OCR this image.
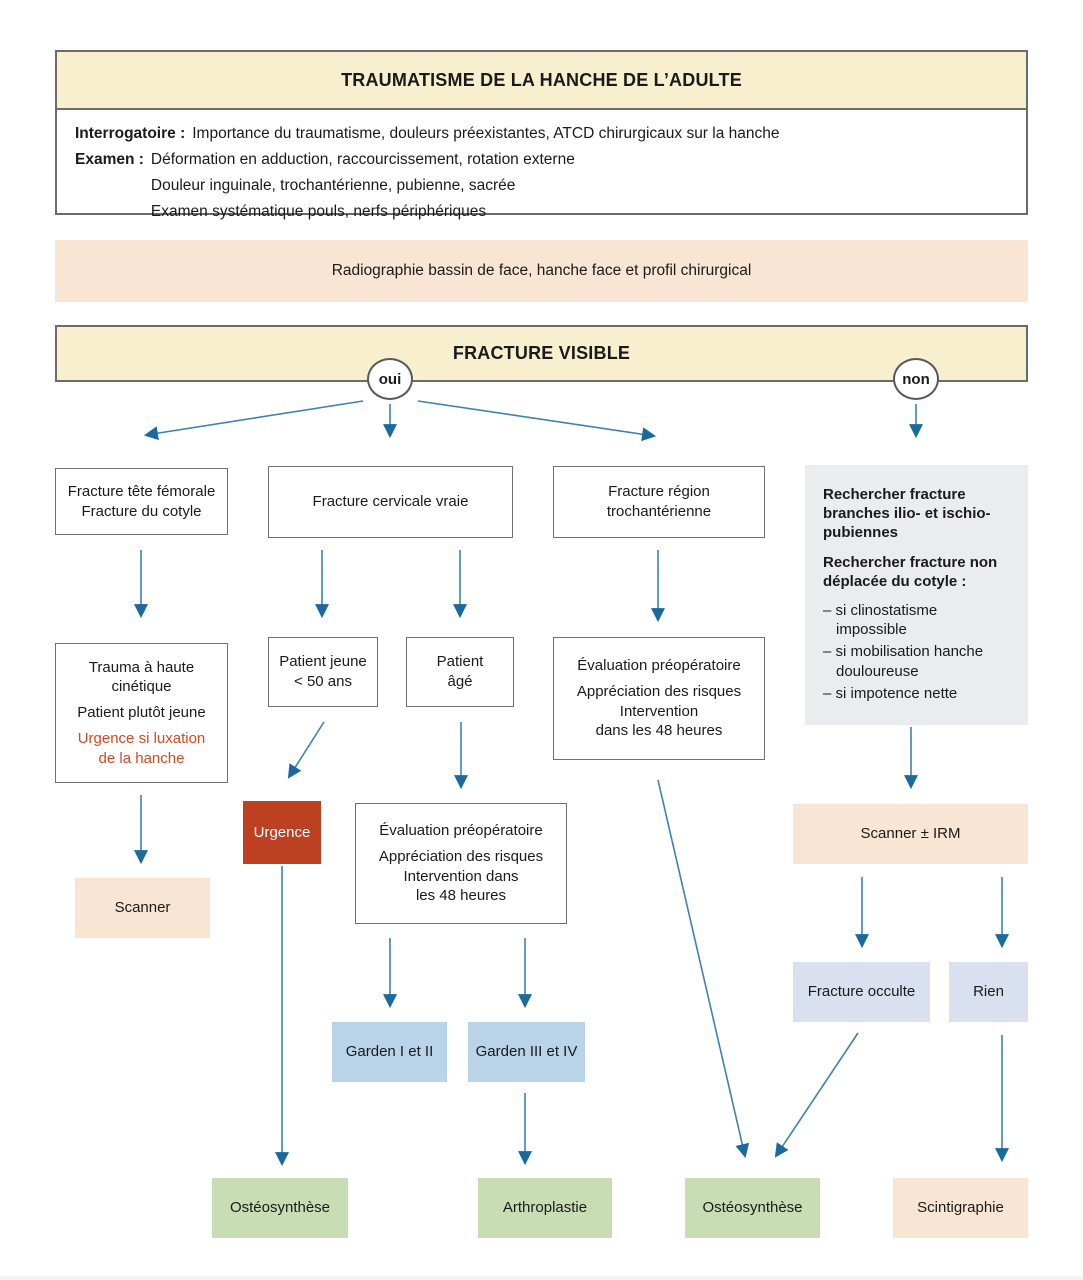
TRAUMATISME DE LA HANCHE DE L’ADULTE
Interrogatoire : Importance du traumatisme, douleurs préexistantes, ATCD chirurgicaux sur la hanche
Examen : Déformation en adduction, raccourcissement, rotation externe
Douleur inguinale, trochantérienne, pubienne, sacrée
Examen systématique pouls, nerfs périphériques
Radiographie bassin de face, hanche face et profil chirurgical
FRACTURE VISIBLE
oui	non
Fracture tête fémorale
Fracture du cotyle
Fracture cervicale vraie
Fracture région
trochantérienne
Rechercher fracture branches ilio- et ischio-pubiennes
Rechercher fracture non déplacée du cotyle :
– si clinostatisme impossible
– si mobilisation hanche douloureuse
– si impotence nette
Trauma à haute cinétique
Patient plutôt jeune
Urgence si luxation de la hanche
Patient jeune
< 50 ans
Patient
âgé
Évaluation préopératoire
Appréciation des risques
Intervention
dans les 48 heures
Urgence	Évaluation préopératoire
Appréciation des risques
Intervention dans
les 48 heures
Scanner
Scanner ± IRM
Fracture occulte	Rien
Garden I et II	Garden III et IV
Ostéosynthèse	Arthroplastie	Ostéosynthèse	Scintigraphie
